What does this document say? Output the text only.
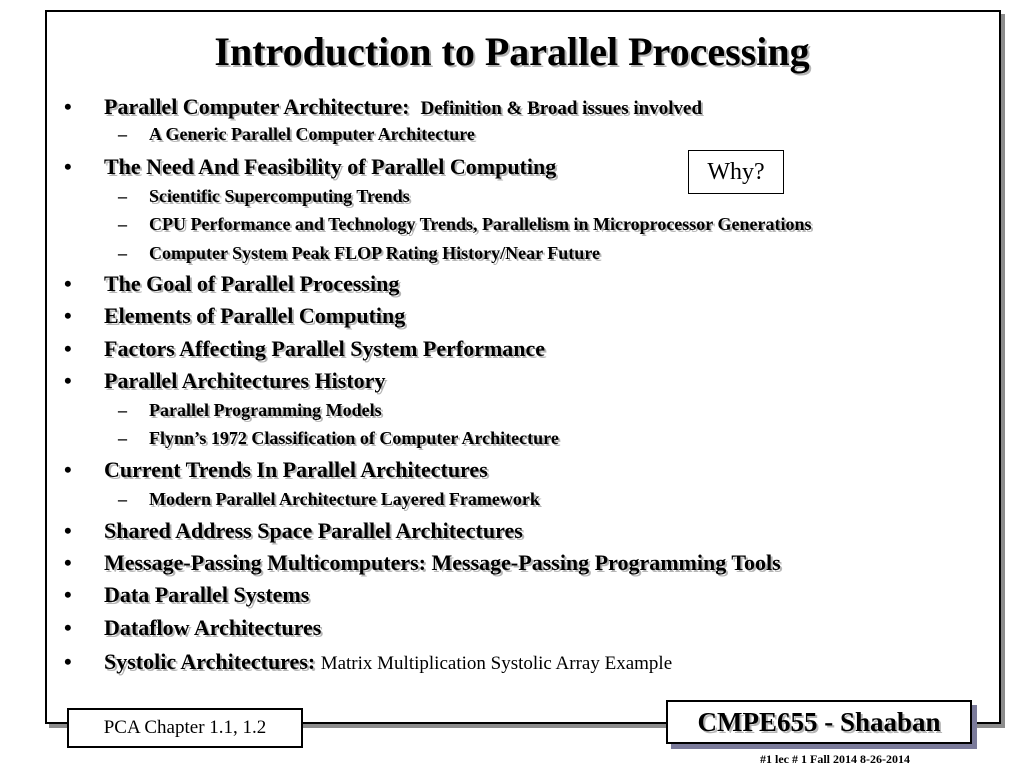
Introduction to Parallel Processing
• Parallel Computer Architecture: Definition & Broad issues involved
– A Generic Parallel Computer Architecture
• The Need And Feasibility of Parallel Computing
– Scientific Supercomputing Trends
– CPU Performance and Technology Trends, Parallelism in Microprocessor Generations
– Computer System Peak FLOP Rating History/Near Future
• The Goal of Parallel Processing
• Elements of Parallel Computing
• Factors Affecting Parallel System Performance
• Parallel Architectures History
– Parallel Programming Models
– Flynn’s 1972 Classification of Computer Architecture
• Current Trends In Parallel Architectures
– Modern Parallel Architecture Layered Framework
• Shared Address Space Parallel Architectures
• Message-Passing Multicomputers: Message-Passing Programming Tools
• Data Parallel Systems
• Dataflow Architectures
• Systolic Architectures: Matrix Multiplication Systolic Array Example
Why?
PCA Chapter 1.1, 1.2	CMPE655 - Shaaban
#1 lec # 1 Fall 2014 8-26-2014
